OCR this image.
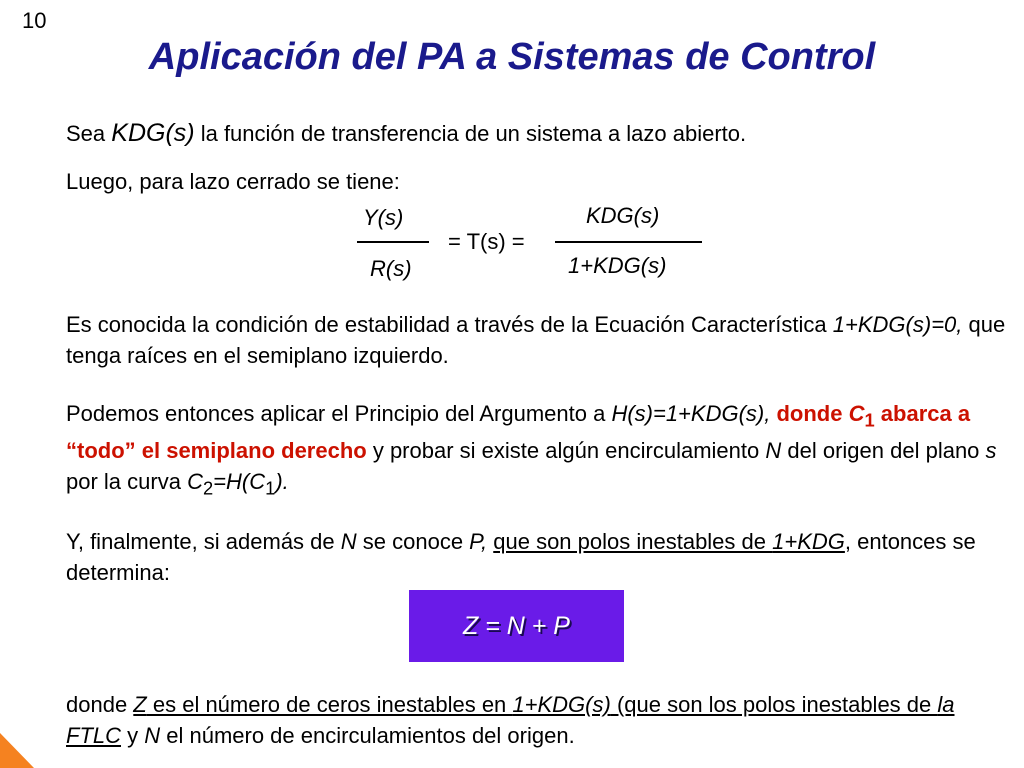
10
Aplicación del PA a Sistemas de Control

Sea KDG(s) la función de transferencia de un sistema a lazo abierto.

Luego, para lazo cerrado se tiene:

Y(s)
R(s)
= T(s) =
KDG(s)
1+KDG(s)

Es conocida la condición de estabilidad a través de la Ecuación Característica 1+KDG(s)=0, que tenga raíces en el semiplano izquierdo.

Podemos entonces aplicar el Principio del Argumento a H(s)=1+KDG(s), donde $C_1$ abarca a “todo” el semiplano derecho y probar si existe algún encirculamiento N del origen del plano s por la curva $C_2=H(C_1)$.

Y, finalmente, si además de N se conoce P, que son polos inestables de 1+KDG, entonces se determina:

Z = N + P

donde Z es el número de ceros inestables en 1+KDG(s) (que son los polos inestables de la FTLC y N el número de encirculamientos del origen.
